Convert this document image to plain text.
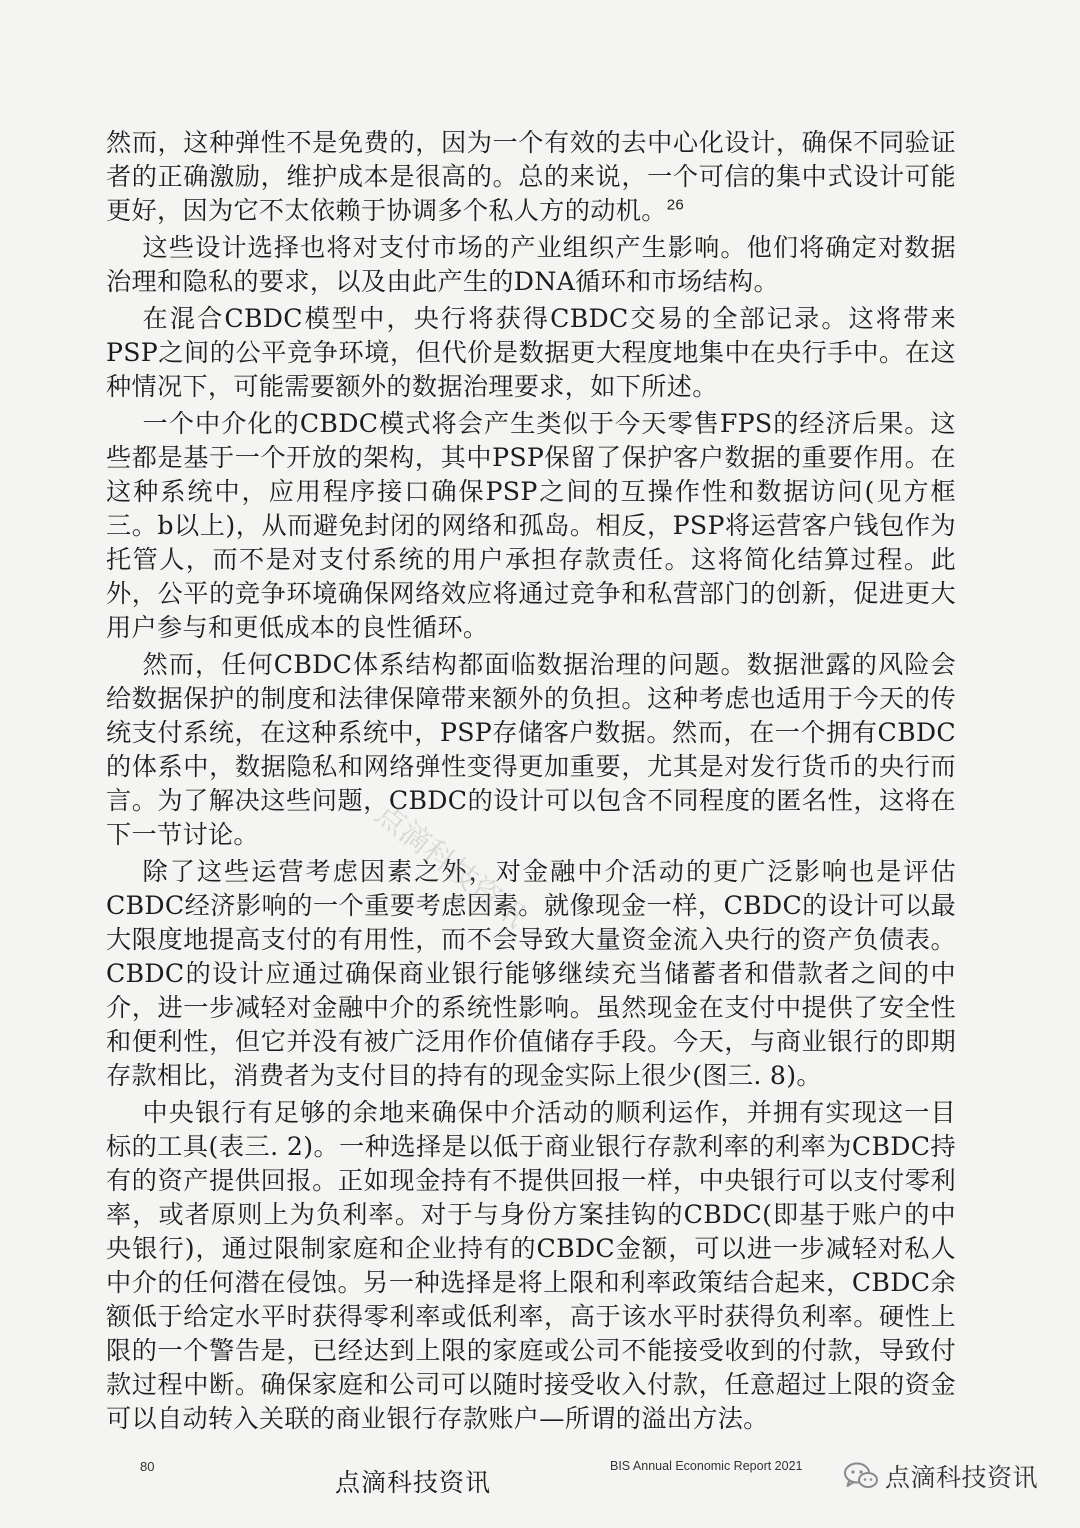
然而，这种弹性不是免费的，因为一个有效的去中心化设计，确保不同验证者的正确激励，维护成本是很高的。总的来说，一个可信的集中式设计可能更好，因为它不太依赖于协调多个私人方的动机。$^{26}$

这些设计选择也将对支付市场的产业组织产生影响。他们将确定对数据治理和隐私的要求，以及由此产生的DNA循环和市场结构。

在混合CBDC模型中，央行将获得CBDC交易的全部记录。这将带来PSP之间的公平竞争环境，但代价是数据更大程度地集中在央行手中。在这种情况下，可能需要额外的数据治理要求，如下所述。

一个中介化的CBDC模式将会产生类似于今天零售FPS的经济后果。这些都是基于一个开放的架构，其中PSP保留了保护客户数据的重要作用。在这种系统中，应用程序接口确保PSP之间的互操作性和数据访问(见方框三。b以上)，从而避免封闭的网络和孤岛。相反，PSP将运营客户钱包作为托管人，而不是对支付系统的用户承担存款责任。这将简化结算过程。此外，公平的竞争环境确保网络效应将通过竞争和私营部门的创新，促进更大用户参与和更低成本的良性循环。

然而，任何CBDC体系结构都面临数据治理的问题。数据泄露的风险会给数据保护的制度和法律保障带来额外的负担。这种考虑也适用于今天的传统支付系统，在这种系统中，PSP存储客户数据。然而，在一个拥有CBDC的体系中，数据隐私和网络弹性变得更加重要，尤其是对发行货币的央行而言。为了解决这些问题，CBDC的设计可以包含不同程度的匿名性，这将在下一节讨论。

除了这些运营考虑因素之外，对金融中介活动的更广泛影响也是评估CBDC经济影响的一个重要考虑因素。就像现金一样，CBDC的设计可以最大限度地提高支付的有用性，而不会导致大量资金流入央行的资产负债表。CBDC的设计应通过确保商业银行能够继续充当储蓄者和借款者之间的中介，进一步减轻对金融中介的系统性影响。虽然现金在支付中提供了安全性和便利性，但它并没有被广泛用作价值储存手段。今天，与商业银行的即期存款相比，消费者为支付目的持有的现金实际上很少(图三. 8)。

中央银行有足够的余地来确保中介活动的顺利运作，并拥有实现这一目标的工具(表三. 2)。一种选择是以低于商业银行存款利率的利率为CBDC持有的资产提供回报。正如现金持有不提供回报一样，中央银行可以支付零利率，或者原则上为负利率。对于与身份方案挂钩的CBDC(即基于账户的中央银行)，通过限制家庭和企业持有的CBDC金额，可以进一步减轻对私人中介的任何潜在侵蚀。另一种选择是将上限和利率政策结合起来，CBDC余额低于给定水平时获得零利率或低利率，高于该水平时获得负利率。硬性上限的一个警告是，已经达到上限的家庭或公司不能接受收到的付款，导致付款过程中断。确保家庭和公司可以随时接受收入付款，任意超过上限的资金可以自动转入关联的商业银行存款账户—所谓的溢出方法。

点滴科技资讯
80
点滴科技资讯
BIS Annual Economic Report 2021	点滴科技资讯
